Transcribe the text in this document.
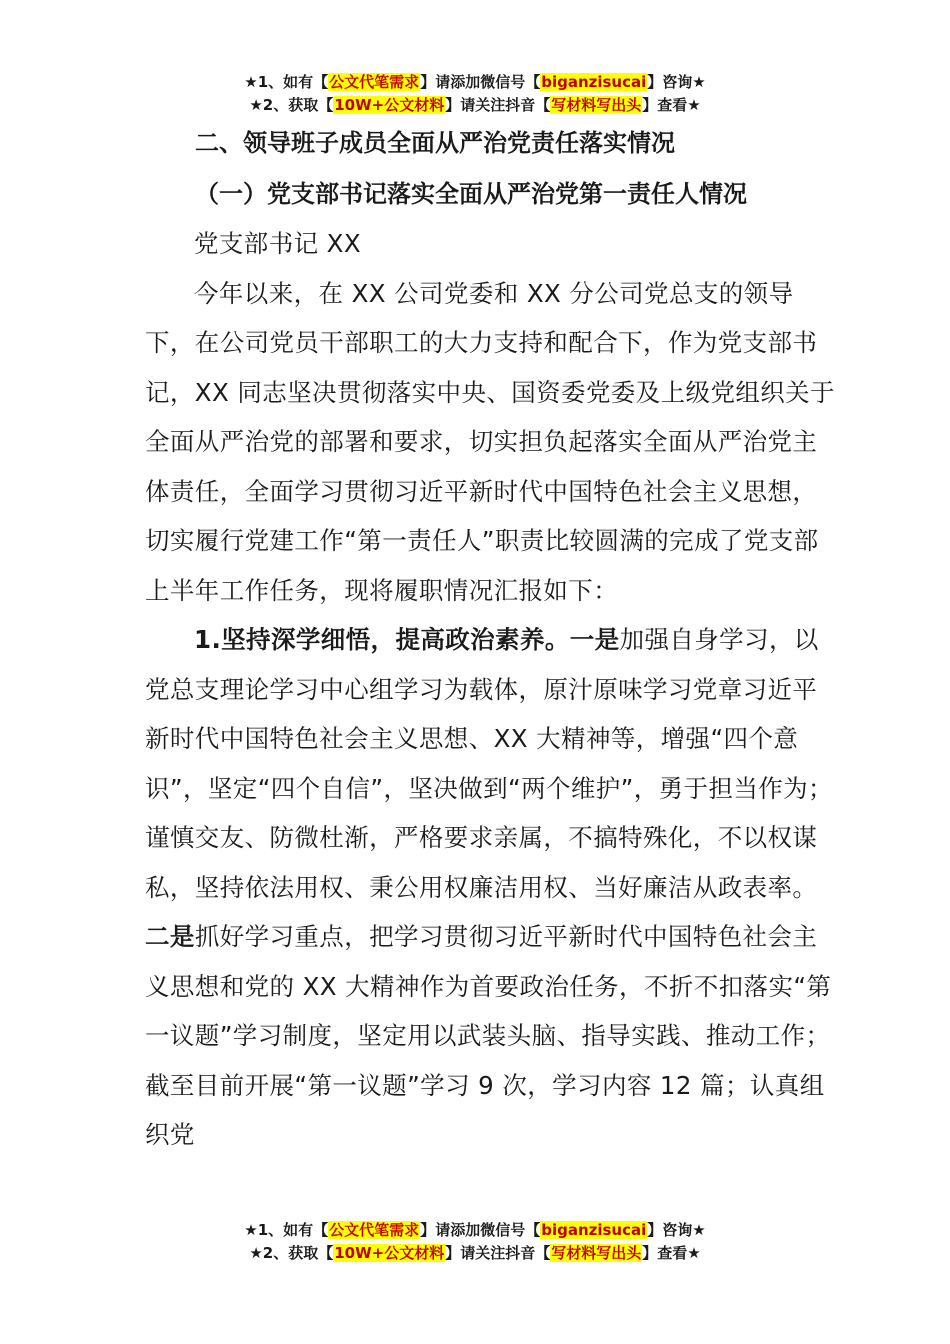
★1、如有【公文代笔需求】请添加微信号【biganzisucai】咨询★
★2、获取【10W+公文材料】请关注抖音【写材料写出头】查看★
二、领导班子成员全面从严治党责任落实情况
（一）党支部书记落实全面从严治党第一责任人情况

党支部书记 XX

今年以来，在 XX 公司党委和 XX 分公司党总支的领导下，在公司党员干部职工的大力支持和配合下，作为党支部书记，XX 同志坚决贯彻落实中央、国资委党委及上级党组织关于全面从严治党的部署和要求，切实担负起落实全面从严治党主体责任，全面学习贯彻习近平新时代中国特色社会主义思想，切实履行党建工作“第一责任人”职责比较圆满的完成了党支部上半年工作任务，现将履职情况汇报如下：

1.坚持深学细悟，提高政治素养。一是加强自身学习，以党总支理论学习中心组学习为载体，原汁原味学习党章习近平新时代中国特色社会主义思想、XX 大精神等，增强“四个意识”，坚定“四个自信”，坚决做到“两个维护”，勇于担当作为；谨慎交友、防微杜渐，严格要求亲属，不搞特殊化，不以权谋私，坚持依法用权、秉公用权廉洁用权、当好廉洁从政表率。二是抓好学习重点，把学习贯彻习近平新时代中国特色社会主义思想和党的 XX 大精神作为首要政治任务，不折不扣落实“第一议题”学习制度，坚定用以武装头脑、指导实践、推动工作；截至目前开展“第一议题”学习 9 次，学习内容 12 篇；认真组织党

★1、如有【公文代笔需求】请添加微信号【biganzisucai】咨询★
★2、获取【10W+公文材料】请关注抖音【写材料写出头】查看★
